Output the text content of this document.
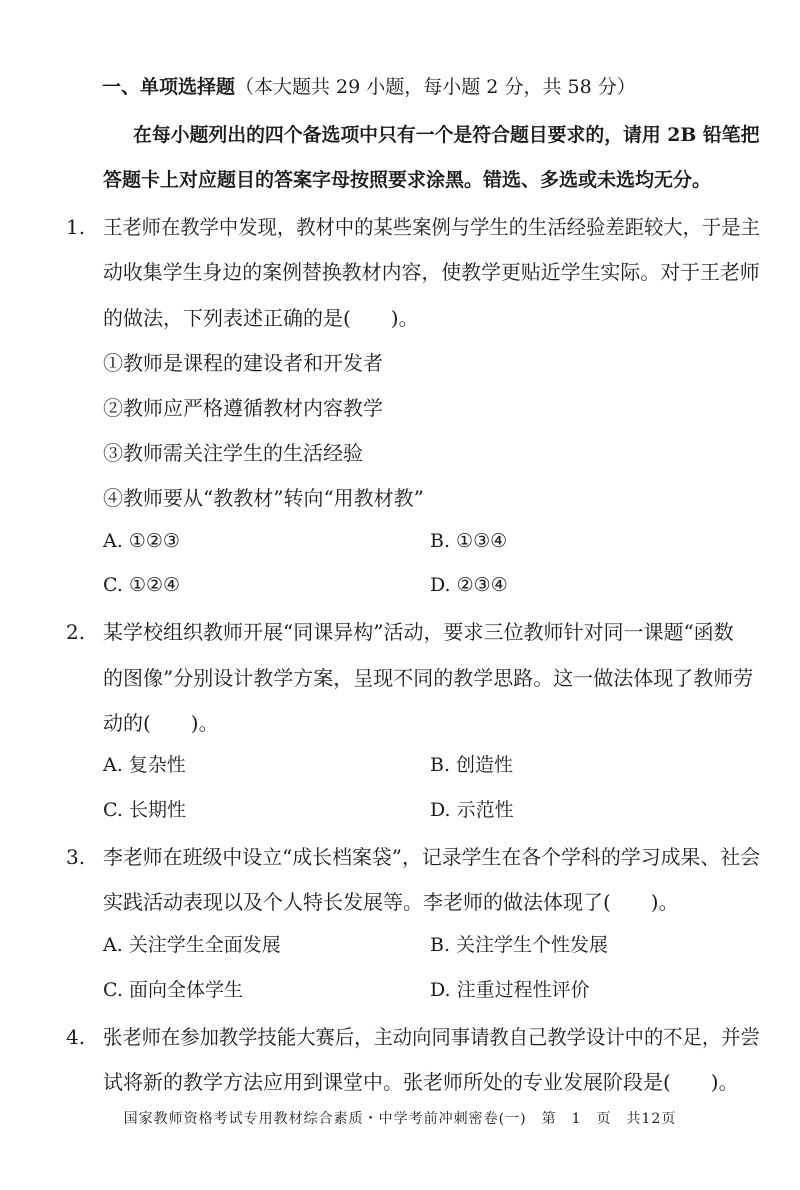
一、单项选择题（本大题共 29 小题，每小题 2 分，共 58 分）
在每小题列出的四个备选项中只有一个是符合题目要求的，请用 2B 铅笔把
答题卡上对应题目的答案字母按照要求涂黑。错选、多选或未选均无分。
1. 王老师在教学中发现，教材中的某些案例与学生的生活经验差距较大，于是主
动收集学生身边的案例替换教材内容，使教学更贴近学生实际。对于王老师
的做法，下列表述正确的是(　　)。
①教师是课程的建设者和开发者
②教师应严格遵循教材内容教学
③教师需关注学生的生活经验
④教师要从“教教材”转向“用教材教”
A. ①②③	B. ①③④
C. ①②④	D. ②③④
2. 某学校组织教师开展“同课异构”活动，要求三位教师针对同一课题“函数
的图像”分别设计教学方案，呈现不同的教学思路。这一做法体现了教师劳
动的(　　)。
A. 复杂性	B. 创造性
C. 长期性	D. 示范性
3. 李老师在班级中设立“成长档案袋”，记录学生在各个学科的学习成果、社会
实践活动表现以及个人特长发展等。李老师的做法体现了(　　)。
A. 关注学生全面发展	B. 关注学生个性发展
C. 面向全体学生	D. 注重过程性评价
4. 张老师在参加教学技能大赛后，主动向同事请教自己教学设计中的不足，并尝
试将新的教学方法应用到课堂中。张老师所处的专业发展阶段是(　　)。
国家教师资格考试专用教材综合素质・中学考前冲刺密卷(一)　第　1　页　共12页
